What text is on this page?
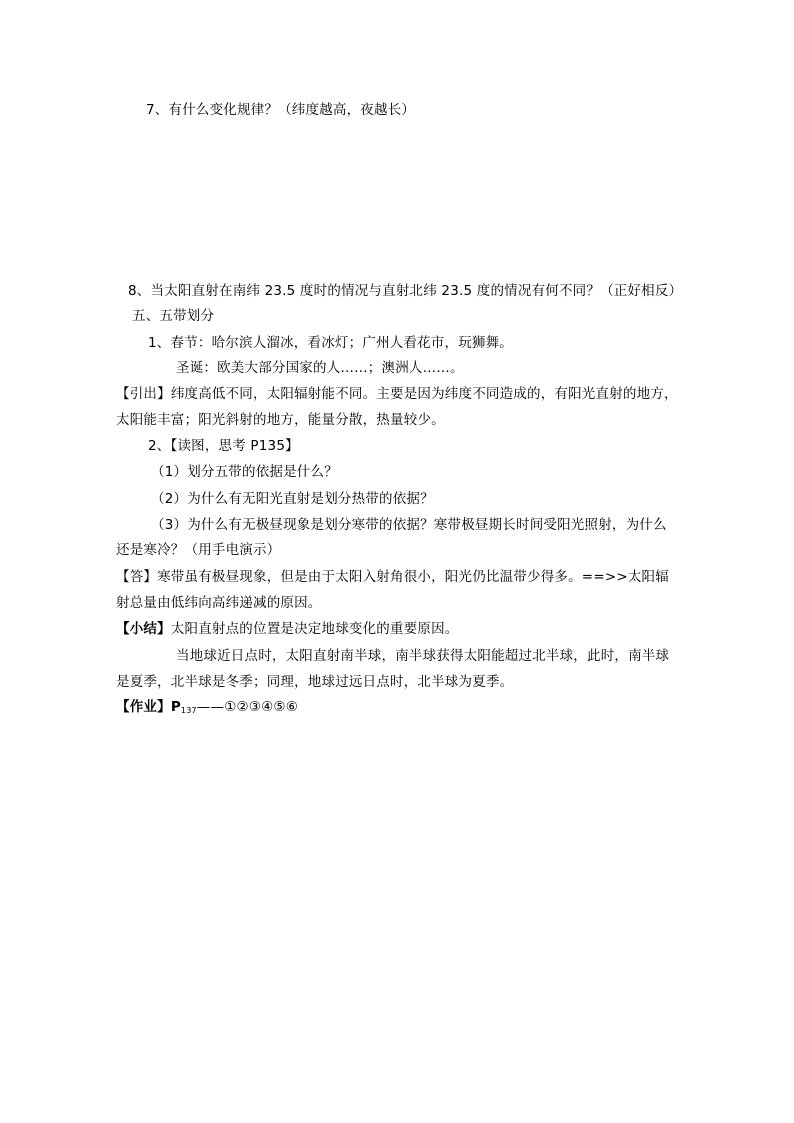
7、有什么变化规律？（纬度越高，夜越长）
8、当太阳直射在南纬 23.5 度时的情况与直射北纬 23.5 度的情况有何不同？（正好相反）
五、五带划分
1、春节：哈尔滨人溜冰，看冰灯；广州人看花市，玩狮舞。
圣诞：欧美大部分国家的人……；澳洲人……。
【引出】纬度高低不同，太阳辐射能不同。主要是因为纬度不同造成的，有阳光直射的地方，
太阳能丰富；阳光斜射的地方，能量分散，热量较少。
2、【读图，思考 P135】
（1）划分五带的依据是什么？
（2）为什么有无阳光直射是划分热带的依据？
（3）为什么有无极昼现象是划分寒带的依据？寒带极昼期长时间受阳光照射，为什么
还是寒冷？（用手电演示）
【答】寒带虽有极昼现象，但是由于太阳入射角很小，阳光仍比温带少得多。==>>太阳辐
射总量由低纬向高纬递减的原因。
【小结】太阳直射点的位置是决定地球变化的重要原因。
当地球近日点时，太阳直射南半球，南半球获得太阳能超过北半球，此时，南半球
是夏季，北半球是冬季；同理，地球过远日点时，北半球为夏季。
【作业】$P_{137}——①②③④⑤⑥$
